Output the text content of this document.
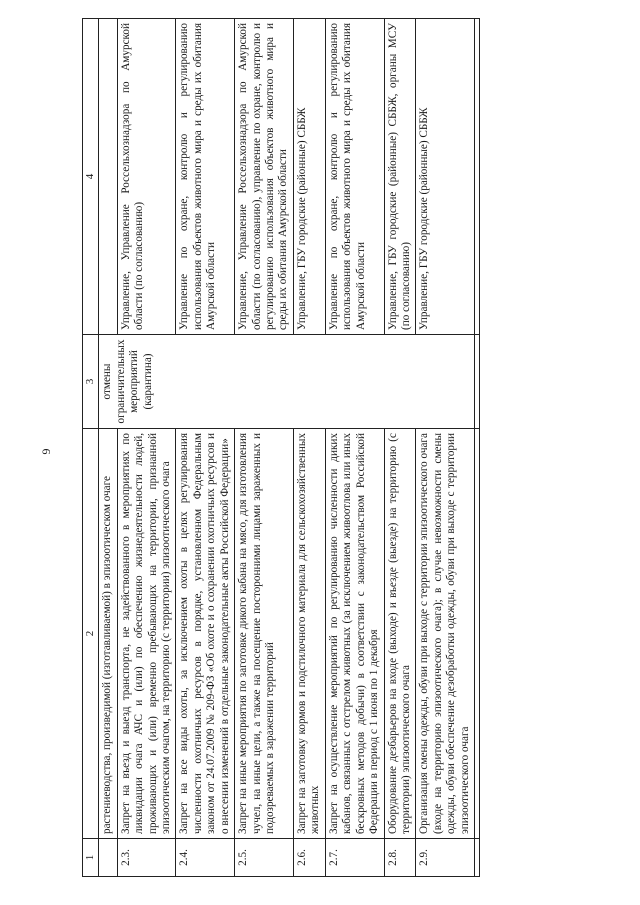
6
1	2	3	4
	растениеводства, произведимой (изготавливаемой) в эпизоотическом очаге	отмены ограничительных мероприятий (карантина)	
2.3.	Запрет на въезд и выезд транспорта, не задействованного в мероприятиях по ликвидации очага АЧС и (или) по обеспечению жизнедеятельности людей, проживающих и (или) временно пребывающих на территории, признанной эпизоотическим очагом, на территорию (с территории) эпизоотического очага		Управление, Управление Россельхознадзора по Амурской области (по согласованию)
2.4.	Запрет на все виды охоты, за исключением охоты в целях регулирования численности охотничьих ресурсов в порядке, установленном Федеральным законом от 24.07.2009 № 209-ФЗ «Об охоте и о сохранении охотничьих ресурсов и о внесении изменений в отдельные законодательные акты Российской Федерации»		Управление по охране, контролю и регулированию использования объектов животного мира и среды их обитания Амурской области
2.5.	Запрет на иные мероприятия по заготовке дикого кабана на мясо, для изготовления чучел, на иные цели, а также на посещение посторонними лицами зараженных и подозреваемых в заражении территорий		Управление, Управление Россельхознадзора по Амурской области (по согласованию), управление по охране, контролю и регулированию использования объектов животного мира и среды их обитания Амурской области
2.6.	Запрет на заготовку кормов и подстилочного материала для сельскохозяйственных животных		Управление, ГБУ городские (районные) СББЖ
2.7.	Запрет на осуществление мероприятий по регулированию численности диких кабанов, связанных с отстрелом животных (за исключением живоотлова или иных бескровных методов добычи) в соответствии с законодательством Российской Федерации в период с 1 июня по 1 декабря		Управление по охране, контролю и регулированию использования объектов животного мира и среды их обитания Амурской области
2.8.	Оборудование дезбарьеров на входе (выходе) и въезде (выезде) на территорию (с территории) эпизоотического очага		Управление, ГБУ городские (районные) СББЖ, органы МСУ (по согласованию)
2.9.	Организация смены одежды, обуви при выходе с территории эпизоотического очага (входе на территорию эпизоотического очага); в случае невозможности смены одежды, обуви обеспечение дезобработки одежды, обуви при выходе с территории эпизоотического очага		Управление, ГБУ городские (районные) СББЖ
